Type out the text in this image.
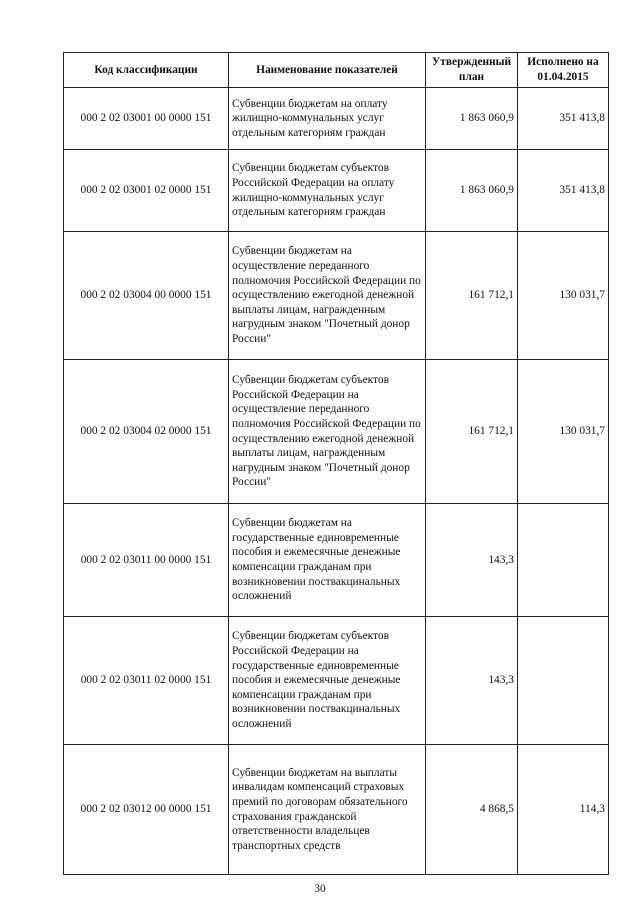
Код классификации	Наименование показателей	Утвержденный план	Исполнено на 01.04.2015
000 2 02 03001 00 0000 151	Субвенции бюджетам на оплату жилищно-коммунальных услуг отдельным категориям граждан	1 863 060,9	351 413,8
000 2 02 03001 02 0000 151	Субвенции бюджетам субъектов Российской Федерации на оплату жилищно-коммунальных услуг отдельным категориям граждан	1 863 060,9	351 413,8
000 2 02 03004 00 0000 151	Субвенции бюджетам на осуществление переданного полномочия Российской Федерации по осуществлению ежегодной денежной выплаты лицам, награжденным нагрудным знаком "Почетный донор России"	161 712,1	130 031,7
000 2 02 03004 02 0000 151	Субвенции бюджетам субъектов Российской Федерации на осуществление переданного полномочия Российской Федерации по осуществлению ежегодной денежной выплаты лицам, награжденным нагрудным знаком "Почетный донор России"	161 712,1	130 031,7
000 2 02 03011 00 0000 151	Субвенции бюджетам на государственные единовременные пособия и ежемесячные денежные компенсации гражданам при возникновении поствакцинальных осложнений	143,3	
000 2 02 03011 02 0000 151	Субвенции бюджетам субъектов Российской Федерации на государственные единовременные пособия и ежемесячные денежные компенсации гражданам при возникновении поствакцинальных осложнений	143,3	
000 2 02 03012 00 0000 151	Субвенции бюджетам на выплаты инвалидам компенсаций страховых премий по договорам обязательного страхования гражданской ответственности владельцев транспортных средств	4 868,5	114,3
30
